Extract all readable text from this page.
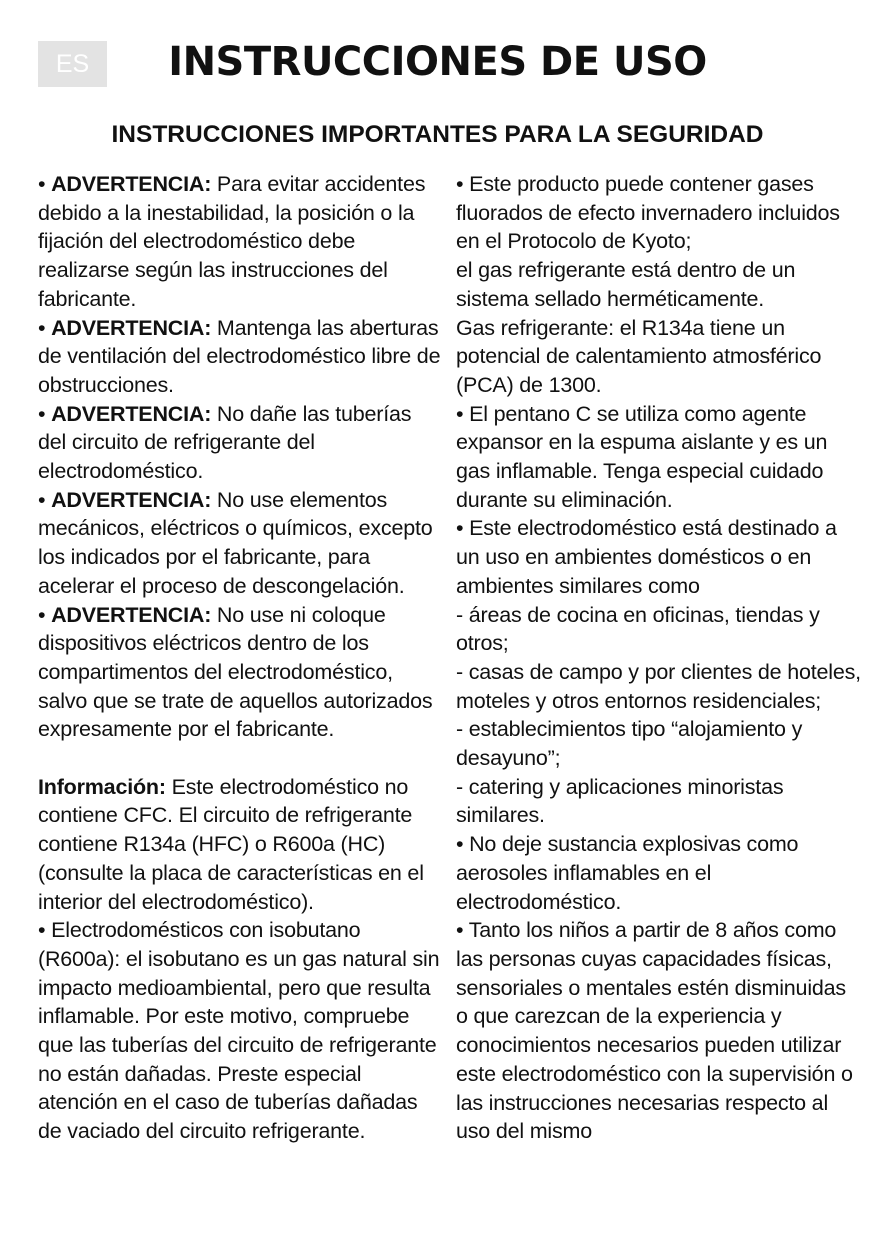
ES	INSTRUCCIONES DE USO
INSTRUCCIONES IMPORTANTES PARA LA SEGURIDAD

• ADVERTENCIA: Para evitar accidentes debido a la inestabilidad, la posición o la fijación del electrodoméstico debe realizarse según las instrucciones del fabricante.

• ADVERTENCIA: Mantenga las aberturas de ventilación del electrodoméstico libre de obstrucciones.

• ADVERTENCIA: No dañe las tuberías del circuito de refrigerante del electrodoméstico.

• ADVERTENCIA: No use elementos mecánicos, eléctricos o químicos, excepto los indicados por el fabricante, para acelerar el proceso de descongelación.

• ADVERTENCIA: No use ni coloque dispositivos eléctricos dentro de los compartimentos del electrodoméstico, salvo que se trate de aquellos autorizados expresamente por el fabricante.

Información: Este electrodoméstico no contiene CFC. El circuito de refrigerante contiene R134a (HFC) o R600a (HC) (consulte la placa de características en el interior del electrodoméstico).

• Electrodomésticos con isobutano (R600a): el isobutano es un gas natural sin impacto medioambiental, pero que resulta inflamable. Por este motivo, compruebe que las tuberías del circuito de refrigerante no están dañadas. Preste especial atención en el caso de tuberías dañadas de vaciado del circuito refrigerante.

• Este producto puede contener gases fluorados de efecto invernadero incluidos en el Protocolo de Kyoto;

el gas refrigerante está dentro de un sistema sellado herméticamente.

Gas refrigerante: el R134a tiene un potencial de calentamiento atmosférico (PCA) de 1300.

• El pentano C se utiliza como agente expansor en la espuma aislante y es un gas inflamable. Tenga especial cuidado durante su eliminación.

• Este electrodoméstico está destinado a un uso en ambientes domésticos o en ambientes similares como

- áreas de cocina en oficinas, tiendas y otros;

- casas de campo y por clientes de hoteles, moteles y otros entornos residenciales;

- establecimientos tipo “alojamiento y desayuno”;

- catering y aplicaciones minoristas similares.

• No deje sustancia explosivas como aerosoles inflamables en el electrodoméstico.

• Tanto los niños a partir de 8 años como las personas cuyas capacidades físicas, sensoriales o mentales estén disminuidas o que carezcan de la experiencia y conocimientos necesarios pueden utilizar este electrodoméstico con la supervisión o las instrucciones necesarias respecto al uso del mismo
